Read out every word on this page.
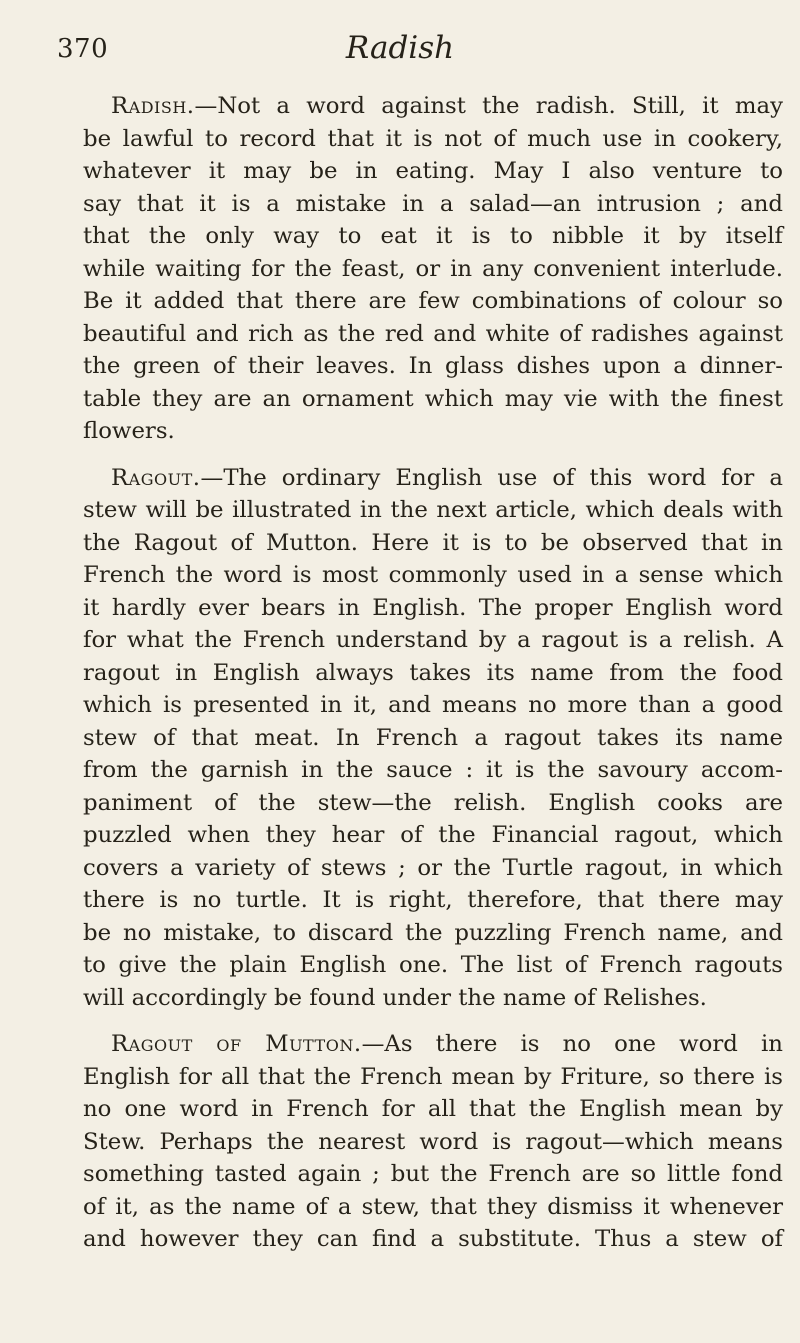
370	Radish
Radish.—Not a word against the radish. Still, it may
be lawful to record that it is not of much use in cookery,
whatever it may be in eating. May I also venture to
say that it is a mistake in a salad—an intrusion ; and
that the only way to eat it is to nibble it by itself
while waiting for the feast, or in any convenient interlude.
Be it added that there are few combinations of colour so
beautiful and rich as the red and white of radishes against
the green of their leaves. In glass dishes upon a dinner-
table they are an ornament which may vie with the finest
flowers.
Ragout.—The ordinary English use of this word for a
stew will be illustrated in the next article, which deals with
the Ragout of Mutton. Here it is to be observed that in
French the word is most commonly used in a sense which
it hardly ever bears in English. The proper English word
for what the French understand by a ragout is a relish. A
ragout in English always takes its name from the food
which is presented in it, and means no more than a good
stew of that meat. In French a ragout takes its name
from the garnish in the sauce : it is the savoury accom-
paniment of the stew—the relish. English cooks are
puzzled when they hear of the Financial ragout, which
covers a variety of stews ; or the Turtle ragout, in which
there is no turtle. It is right, therefore, that there may
be no mistake, to discard the puzzling French name, and
to give the plain English one. The list of French ragouts
will accordingly be found under the name of Relishes.
Ragout of Mutton.—As there is no one word in
English for all that the French mean by Friture, so there is
no one word in French for all that the English mean by
Stew. Perhaps the nearest word is ragout—which means
something tasted again ; but the French are so little fond
of it, as the name of a stew, that they dismiss it whenever
and however they can find a substitute. Thus a stew of
